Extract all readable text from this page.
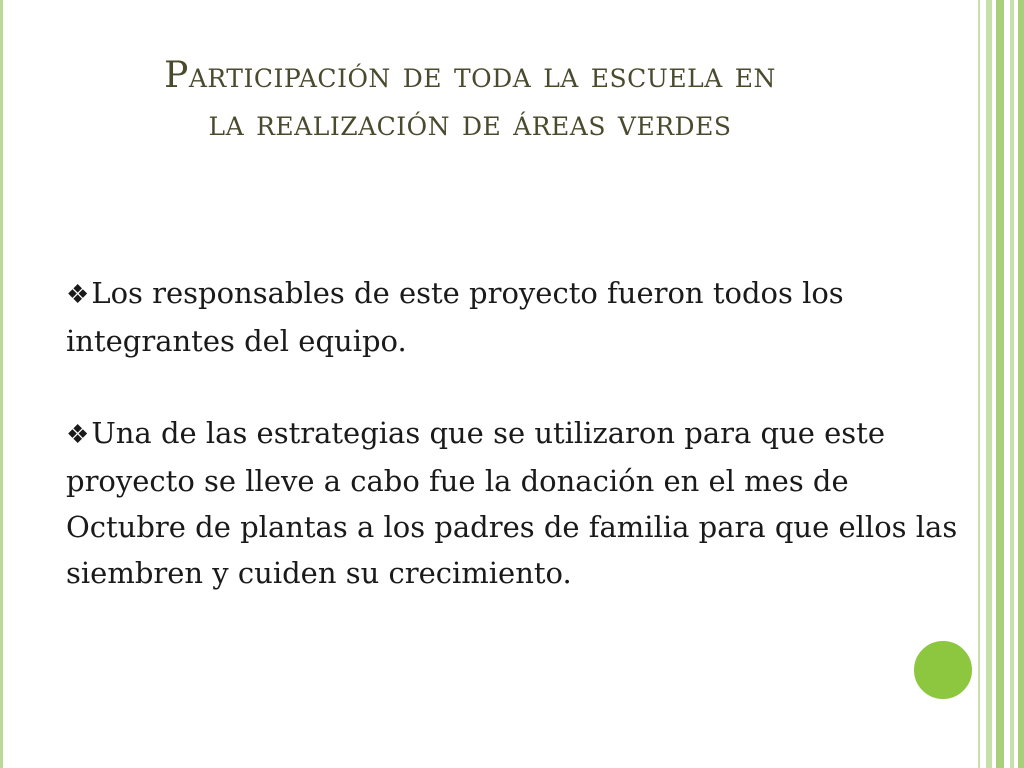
Participación de toda la escuela en
la realización de áreas verdes

❖Los responsables de este proyecto fueron todos los integrantes del equipo.

❖Una de las estrategias que se utilizaron para que este proyecto se lleve a cabo fue la donación en el mes de Octubre de plantas a los padres de familia para que ellos las siembren y cuiden su crecimiento.
